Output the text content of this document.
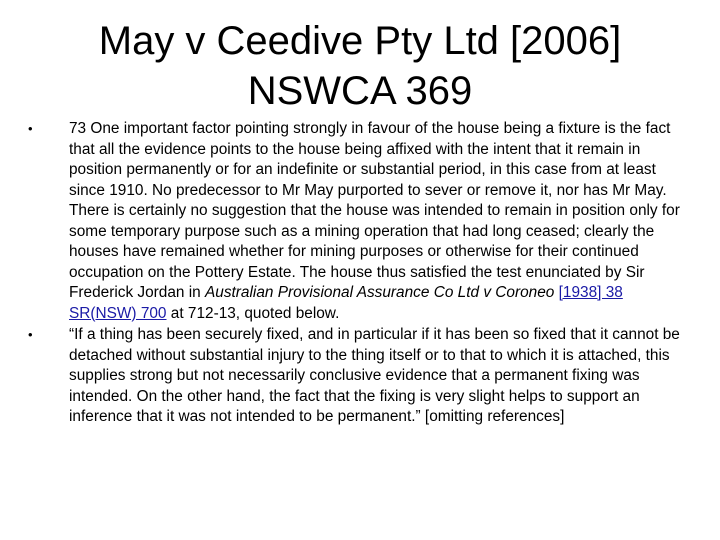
May v Ceedive Pty Ltd [2006]
NSWCA 369
•	73 One important factor pointing strongly in favour of the house being a fixture is the fact that all the evidence points to the house being affixed with the intent that it remain in position permanently or for an indefinite or substantial period, in this case from at least since 1910. No predecessor to Mr May purported to sever or remove it, nor has Mr May. There is certainly no suggestion that the house was intended to remain in position only for some temporary purpose such as a mining operation that had long ceased; clearly the houses have remained whether for mining purposes or otherwise for their continued occupation on the Pottery Estate. The house thus satisfied the test enunciated by Sir Frederick Jordan in Australian Provisional Assurance Co Ltd v Coroneo [1938] 38 SR(NSW) 700 at 712-13, quoted below.
•	“If a thing has been securely fixed, and in particular if it has been so fixed that it cannot be detached without substantial injury to the thing itself or to that to which it is attached, this supplies strong but not necessarily conclusive evidence that a permanent fixing was intended. On the other hand, the fact that the fixing is very slight helps to support an inference that it was not intended to be permanent.” [omitting references]
